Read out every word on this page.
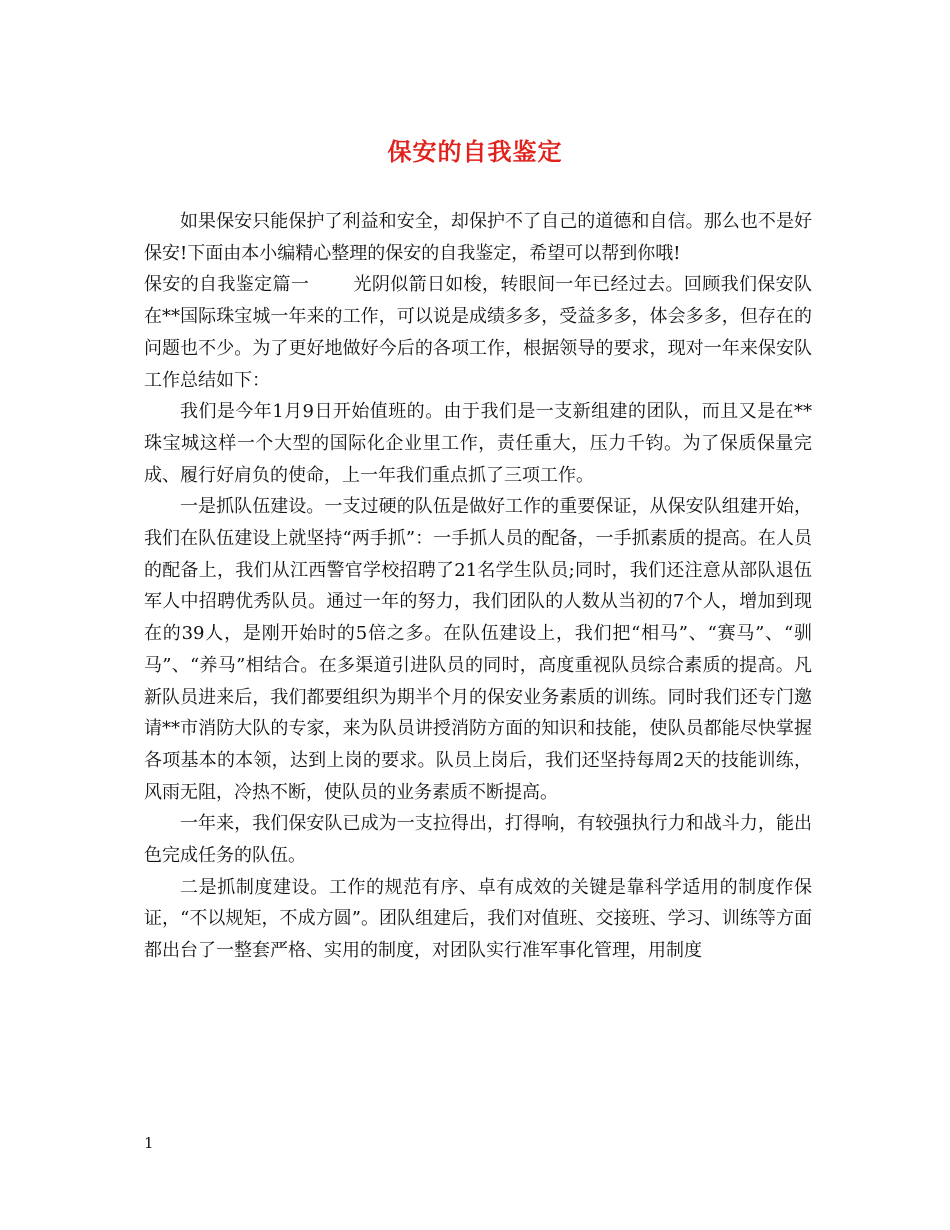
保安的自我鉴定

如果保安只能保护了利益和安全，却保护不了自己的道德和自信。那么也不是好保安!下面由本小编精心整理的保安的自我鉴定，希望可以帮到你哦!

保安的自我鉴定篇一 光阴似箭日如梭，转眼间一年已经过去。回顾我们保安队在**国际珠宝城一年来的工作，可以说是成绩多多，受益多多，体会多多，但存在的问题也不少。为了更好地做好今后的各项工作，根据领导的要求，现对一年来保安队工作总结如下：

我们是今年1月9日开始值班的。由于我们是一支新组建的团队，而且又是在**珠宝城这样一个大型的国际化企业里工作，责任重大，压力千钧。为了保质保量完成、履行好肩负的使命，上一年我们重点抓了三项工作。

一是抓队伍建设。一支过硬的队伍是做好工作的重要保证，从保安队组建开始，我们在队伍建设上就坚持“两手抓”：一手抓人员的配备，一手抓素质的提高。在人员的配备上，我们从江西警官学校招聘了21名学生队员;同时，我们还注意从部队退伍军人中招聘优秀队员。通过一年的努力，我们团队的人数从当初的7个人，增加到现在的39人，是刚开始时的5倍之多。在队伍建设上，我们把“相马”、“赛马”、“驯马”、“养马”相结合。在多渠道引进队员的同时，高度重视队员综合素质的提高。凡新队员进来后，我们都要组织为期半个月的保安业务素质的训练。同时我们还专门邀请**市消防大队的专家，来为队员讲授消防方面的知识和技能，使队员都能尽快掌握各项基本的本领，达到上岗的要求。队员上岗后，我们还坚持每周2天的技能训练，风雨无阻，冷热不断，使队员的业务素质不断提高。

一年来，我们保安队已成为一支拉得出，打得响，有较强执行力和战斗力，能出色完成任务的队伍。

二是抓制度建设。工作的规范有序、卓有成效的关键是靠科学适用的制度作保证，“不以规矩，不成方圆”。团队组建后，我们对值班、交接班、学习、训练等方面都出台了一整套严格、实用的制度，对团队实行准军事化管理，用制度

1
